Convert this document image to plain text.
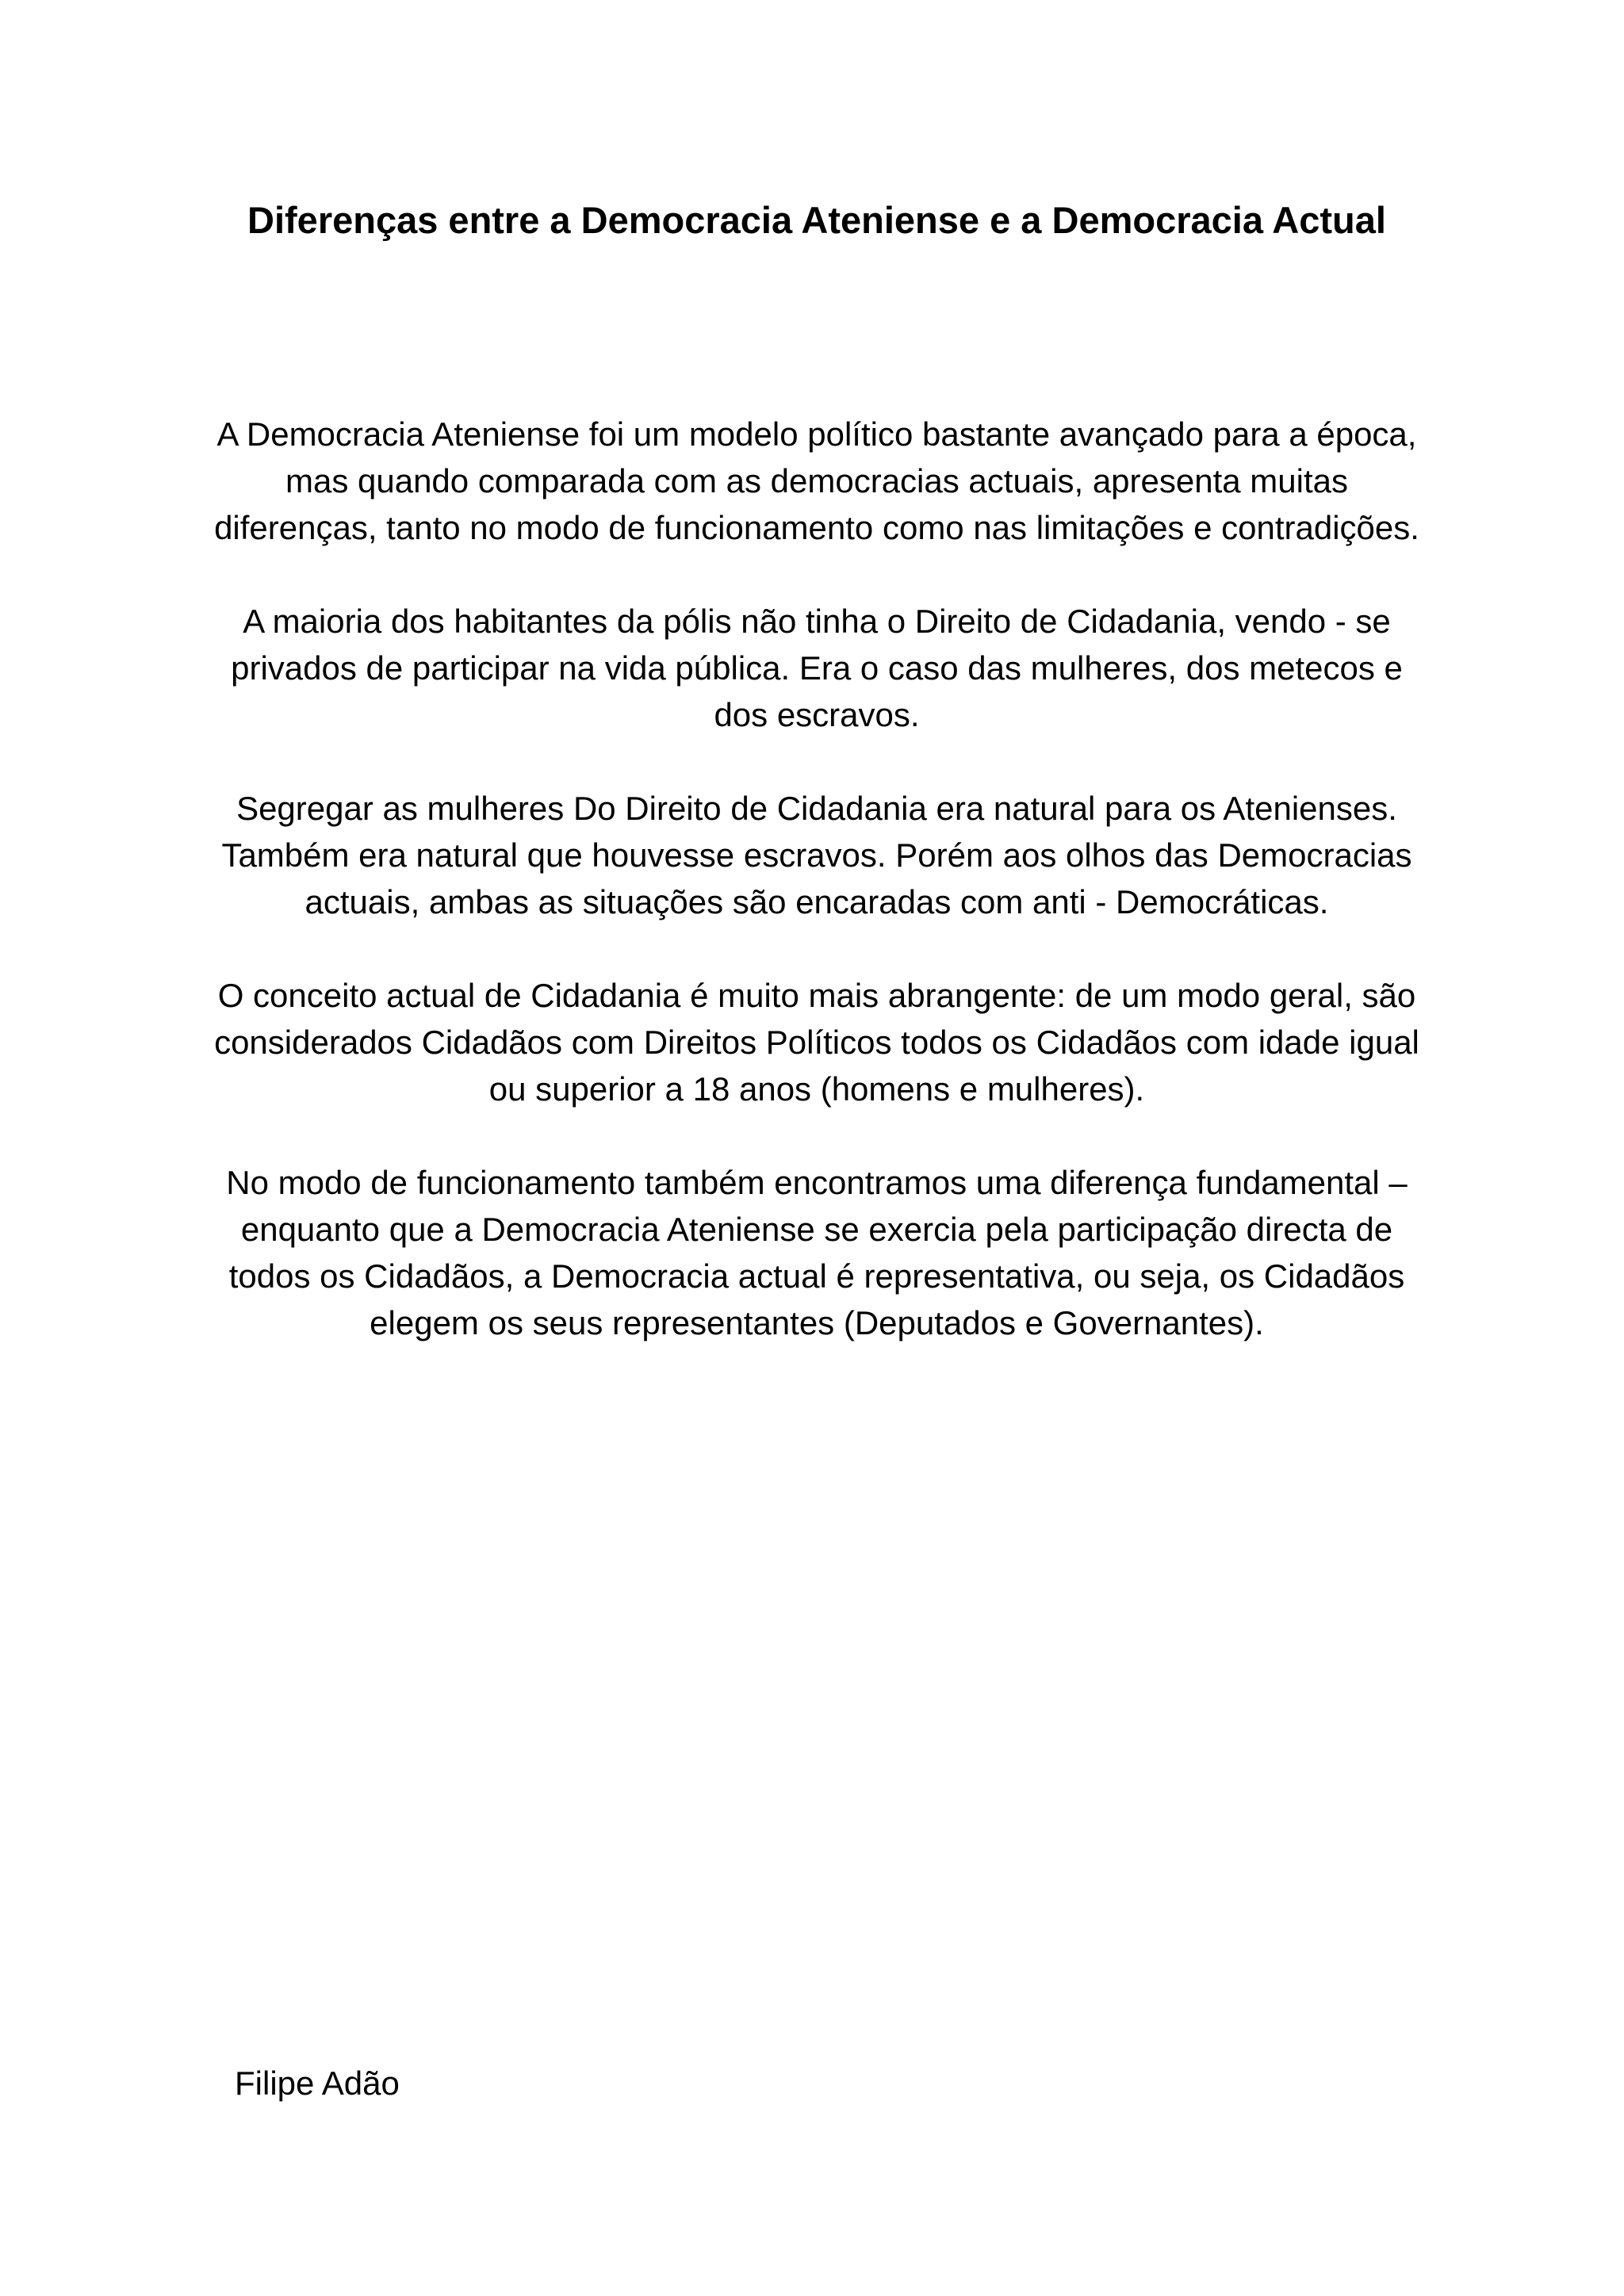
Diferenças entre a Democracia Ateniense e a Democracia Actual

A Democracia Ateniense foi um modelo político bastante avançado para a época, mas quando comparada com as democracias actuais, apresenta muitas diferenças, tanto no modo de funcionamento como nas limitações e contradições.

A maioria dos habitantes da pólis não tinha o Direito de Cidadania, vendo - se privados de participar na vida pública. Era o caso das mulheres, dos metecos e dos escravos.

Segregar as mulheres Do Direito de Cidadania era natural para os Atenienses. Também era natural que houvesse escravos. Porém aos olhos das Democracias actuais, ambas as situações são encaradas com anti - Democráticas.

O conceito actual de Cidadania é muito mais abrangente: de um modo geral, são considerados Cidadãos com Direitos Políticos todos os Cidadãos com idade igual ou superior a 18 anos (homens e mulheres).

No modo de funcionamento também encontramos uma diferença fundamental – enquanto que a Democracia Ateniense se exercia pela participação directa de todos os Cidadãos, a Democracia actual é representativa, ou seja, os Cidadãos elegem os seus representantes (Deputados e Governantes).

Filipe Adão
